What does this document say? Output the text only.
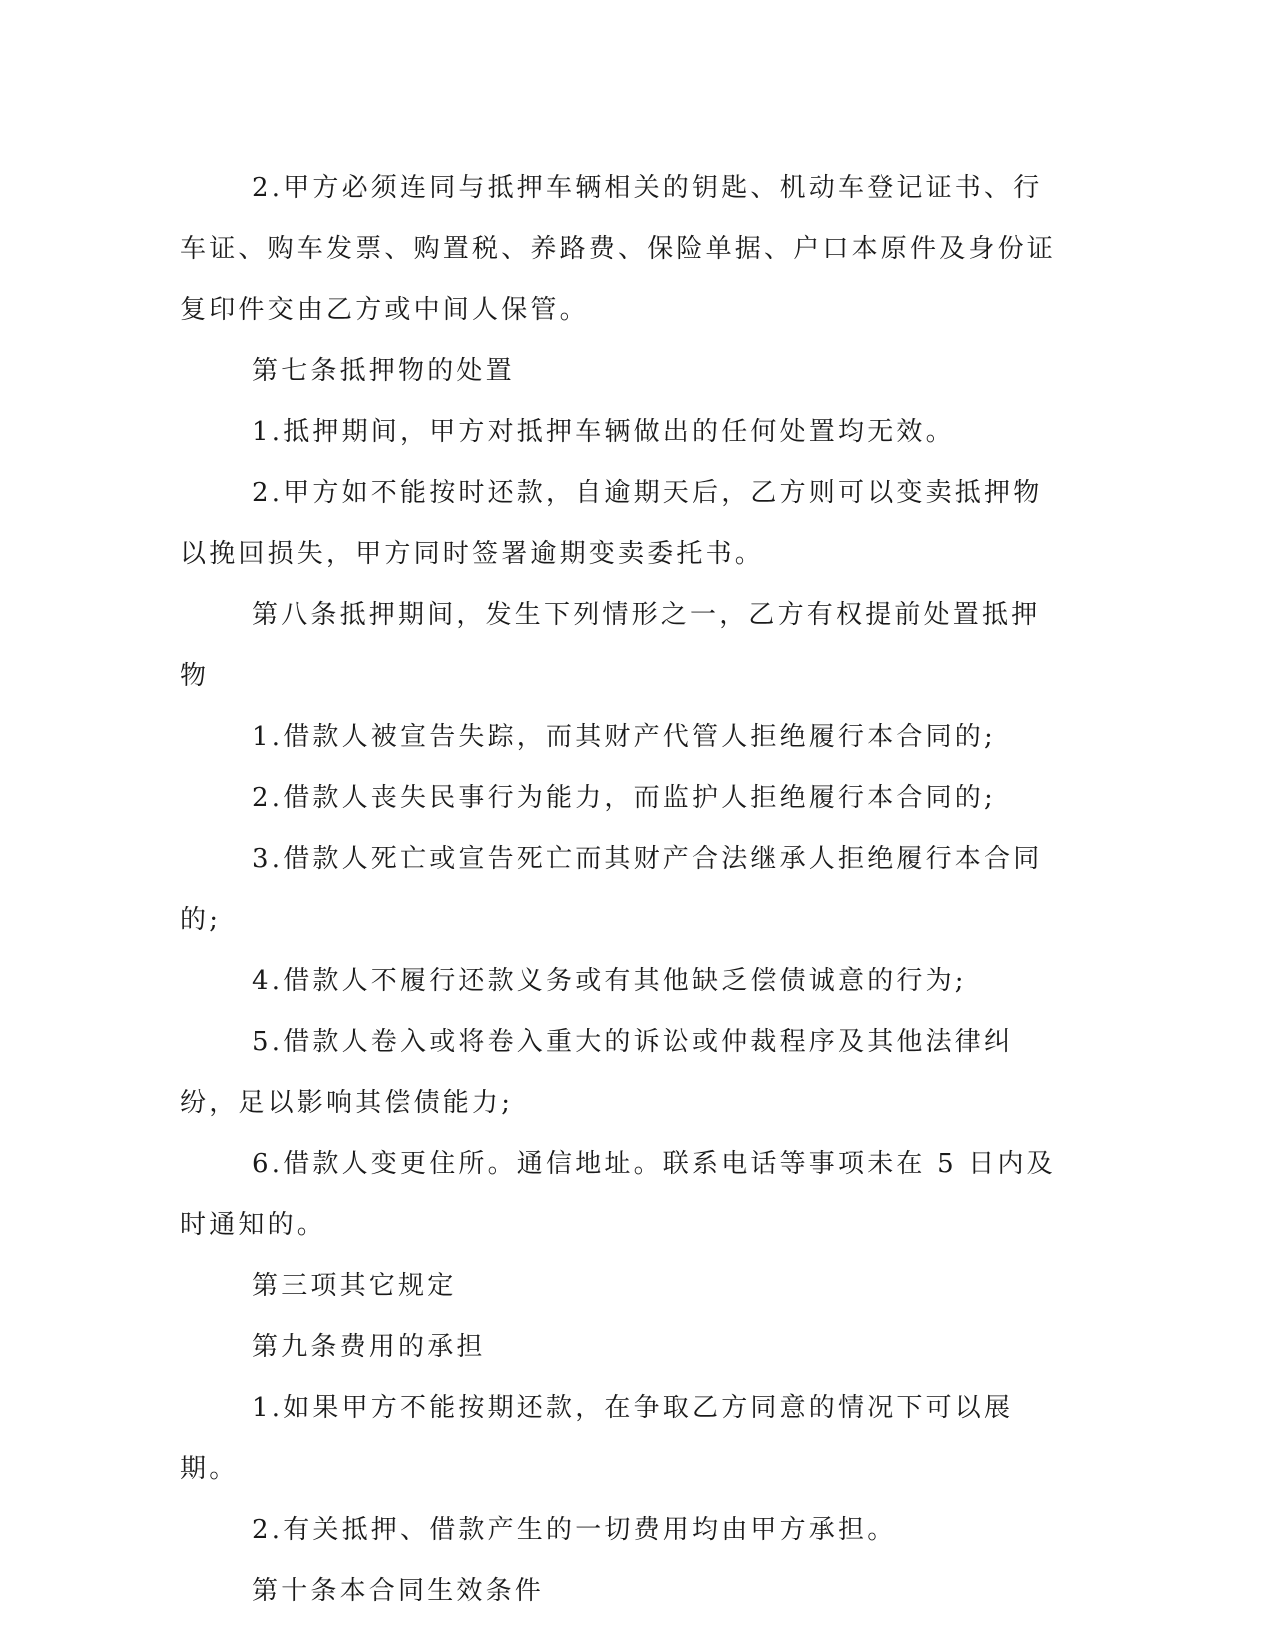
2.甲方必须连同与抵押车辆相关的钥匙、机动车登记证书、行车证、购车发票、购置税、养路费、保险单据、户口本原件及身份证复印件交由乙方或中间人保管。

第七条抵押物的处置

1.抵押期间，甲方对抵押车辆做出的任何处置均无效。

2.甲方如不能按时还款，自逾期天后，乙方则可以变卖抵押物以挽回损失，甲方同时签署逾期变卖委托书。

第八条抵押期间，发生下列情形之一，乙方有权提前处置抵押物

1.借款人被宣告失踪，而其财产代管人拒绝履行本合同的;

2.借款人丧失民事行为能力，而监护人拒绝履行本合同的;

3.借款人死亡或宣告死亡而其财产合法继承人拒绝履行本合同的;

4.借款人不履行还款义务或有其他缺乏偿债诚意的行为;

5.借款人卷入或将卷入重大的诉讼或仲裁程序及其他法律纠纷，足以影响其偿债能力;

6.借款人变更住所。通信地址。联系电话等事项未在 5 日内及时通知的。

第三项其它规定

第九条费用的承担

1.如果甲方不能按期还款，在争取乙方同意的情况下可以展期。

2.有关抵押、借款产生的一切费用均由甲方承担。

第十条本合同生效条件
